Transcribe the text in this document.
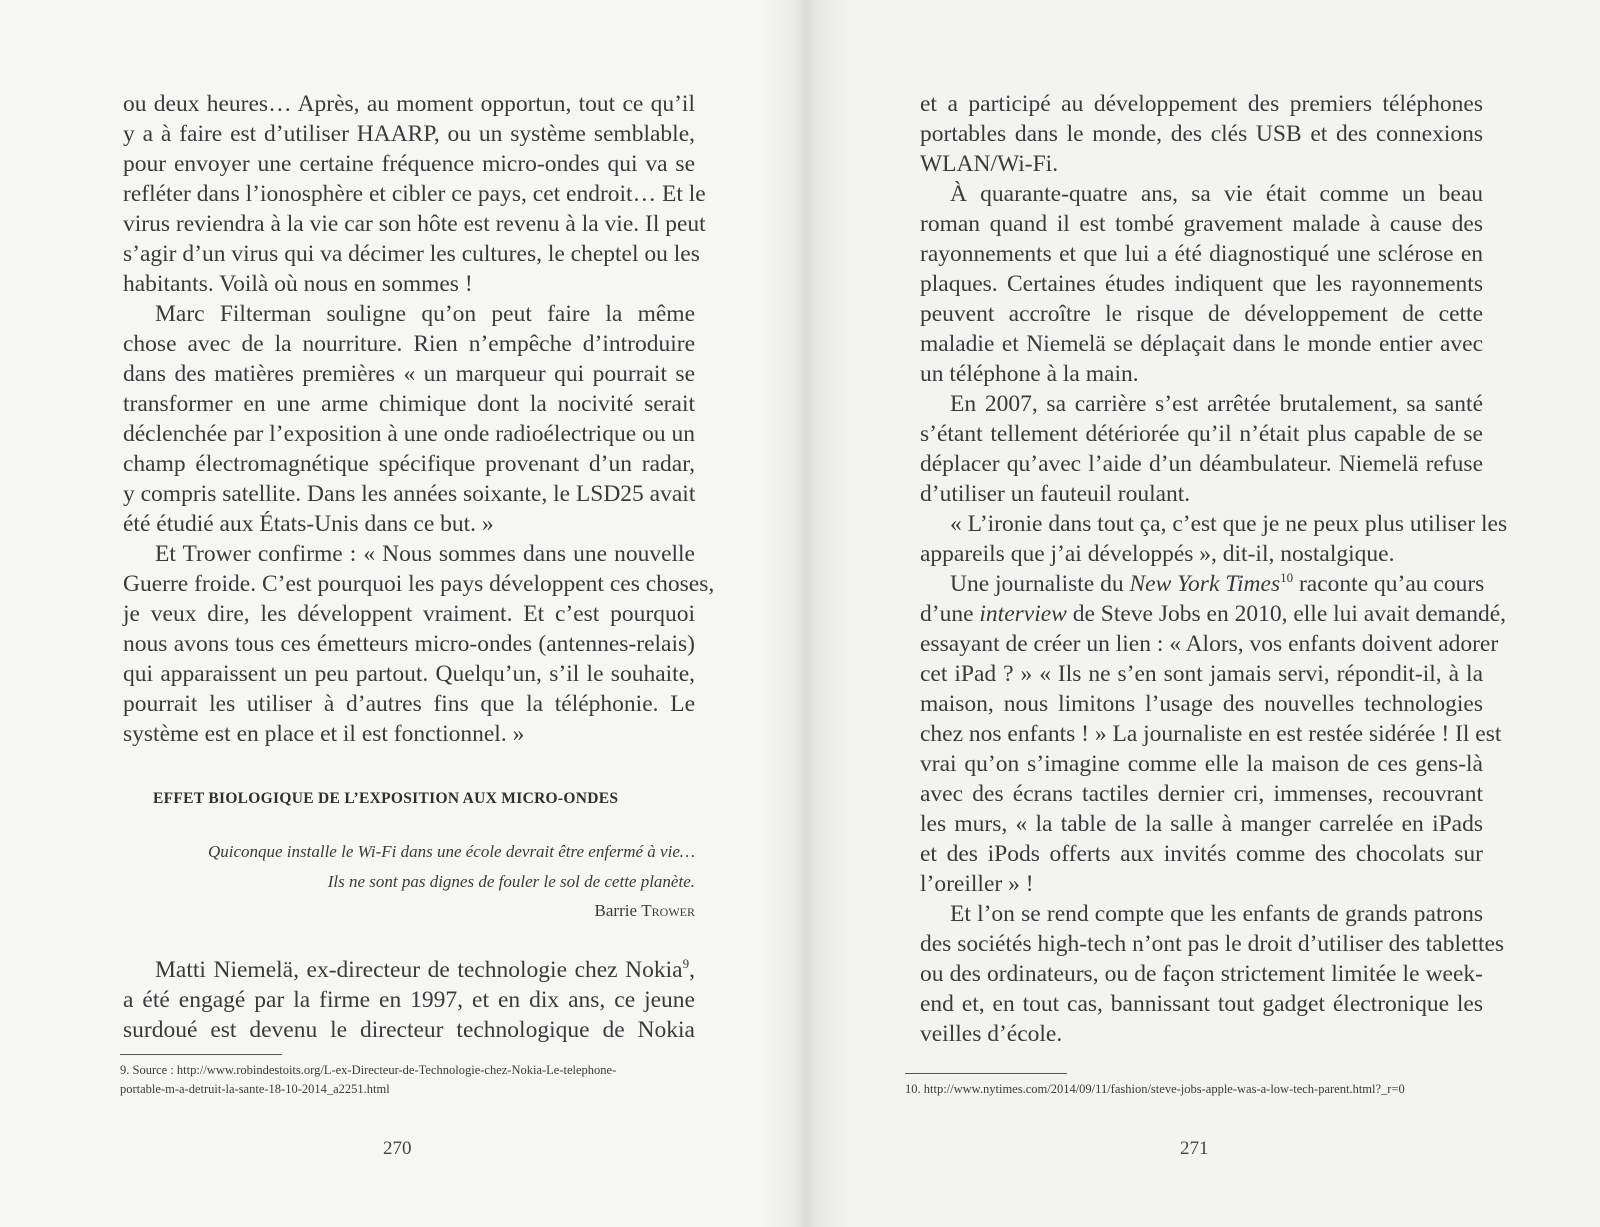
ou deux heures… Après, au moment opportun, tout ce qu’il
y a à faire est d’utiliser HAARP, ou un système semblable,
pour envoyer une certaine fréquence micro-ondes qui va se
refléter dans l’ionosphère et cibler ce pays, cet endroit… Et le
virus reviendra à la vie car son hôte est revenu à la vie. Il peut
s’agir d’un virus qui va décimer les cultures, le cheptel ou les
habitants. Voilà où nous en sommes !
Marc Filterman souligne qu’on peut faire la même
chose avec de la nourriture. Rien n’empêche d’introduire
dans des matières premières « un marqueur qui pourrait se
transformer en une arme chimique dont la nocivité serait
déclenchée par l’exposition à une onde radioélectrique ou un
champ électromagnétique spécifique provenant d’un radar,
y compris satellite. Dans les années soixante, le LSD25 avait
été étudié aux États-Unis dans ce but. »
Et Trower confirme : « Nous sommes dans une nouvelle
Guerre froide. C’est pourquoi les pays développent ces choses,
je veux dire, les développent vraiment. Et c’est pourquoi
nous avons tous ces émetteurs micro-ondes (antennes-relais)
qui apparaissent un peu partout. Quelqu’un, s’il le souhaite,
pourrait les utiliser à d’autres fins que la téléphonie. Le
système est en place et il est fonctionnel. »
EFFET BIOLOGIQUE DE L’EXPOSITION AUX MICRO-ONDES
Quiconque installe le Wi-Fi dans une école devrait être enfermé à vie…
Ils ne sont pas dignes de fouler le sol de cette planète.
Barrie Trower
Matti Niemelä, ex-directeur de technologie chez Nokia$^9$,
a été engagé par la firme en 1997, et en dix ans, ce jeune
surdoué est devenu le directeur technologique de Nokia
9. Source : http://www.robindestoits.org/L-ex-Directeur-de-Technologie-chez-Nokia-Le-telephone-
portable-m-a-detruit-la-sante-18-10-2014_a2251.html
270
et a participé au développement des premiers téléphones
portables dans le monde, des clés USB et des connexions
WLAN/Wi-Fi.
À quarante-quatre ans, sa vie était comme un beau
roman quand il est tombé gravement malade à cause des
rayonnements et que lui a été diagnostiqué une sclérose en
plaques. Certaines études indiquent que les rayonnements
peuvent accroître le risque de développement de cette
maladie et Niemelä se déplaçait dans le monde entier avec
un téléphone à la main.
En 2007, sa carrière s’est arrêtée brutalement, sa santé
s’étant tellement détériorée qu’il n’était plus capable de se
déplacer qu’avec l’aide d’un déambulateur. Niemelä refuse
d’utiliser un fauteuil roulant.
« L’ironie dans tout ça, c’est que je ne peux plus utiliser les
appareils que j’ai développés », dit-il, nostalgique.
Une journaliste du New York Times$^{10}$ raconte qu’au cours
d’une interview de Steve Jobs en 2010, elle lui avait demandé,
essayant de créer un lien : « Alors, vos enfants doivent adorer
cet iPad ? » « Ils ne s’en sont jamais servi, répondit-il, à la
maison, nous limitons l’usage des nouvelles technologies
chez nos enfants ! » La journaliste en est restée sidérée ! Il est
vrai qu’on s’imagine comme elle la maison de ces gens-là
avec des écrans tactiles dernier cri, immenses, recouvrant
les murs, « la table de la salle à manger carrelée en iPads
et des iPods offerts aux invités comme des chocolats sur
l’oreiller » !
Et l’on se rend compte que les enfants de grands patrons
des sociétés high-tech n’ont pas le droit d’utiliser des tablettes
ou des ordinateurs, ou de façon strictement limitée le week-
end et, en tout cas, bannissant tout gadget électronique les
veilles d’école.
10. http://www.nytimes.com/2014/09/11/fashion/steve-jobs-apple-was-a-low-tech-parent.html?_r=0
271
